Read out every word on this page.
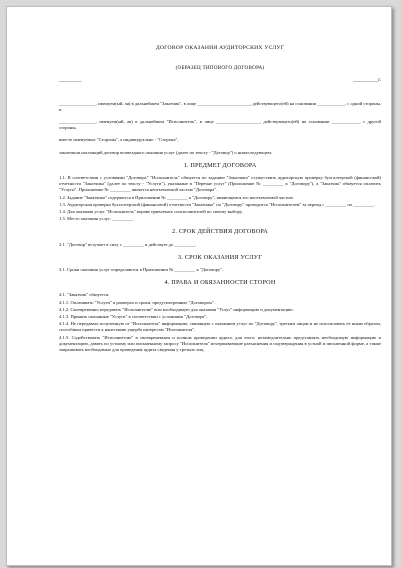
ДОГОВОР ОКАЗАНИЯ АУДИТОРСКИХ УСЛУГ

(ОБРАЗЕЦ ТИПОВОГО ДОГОВОРА)

_________	__________г.

________________, именуем(ый, ая) в дальнейшем "Заказчик", в лице _______________________, действующего(ей) на основании ____________, с одной стороны, и

________________, именуем(ый, ая) в дальнейшем "Исполнитель", в лице ___________________, действующего(ей) на основании ____________, с другой стороны,

вместе именуемые "Стороны", а индивидуально - "Сторона",

заключили настоящий договор возмездного оказания услуг (далее по тексту - "Договор") о нижеследующем:

1. ПРЕДМЕТ ДОГОВОРА

1.1. В соответствии с условиями "Договора" "Исполнитель" обязуется по заданию "Заказчика" осуществить аудиторскую проверку бухгалтерской (финансовой) отчетности "Заказчика" (далее по тексту - "Услуги"), указанные в "Перечне услуг" (Приложение № _________ к "Договору"), а "Заказчик" обязуется оплатить "Услуги". Приложение № _________ является неотъемлемой частью "Договора".

1.2. Задание "Заказчика" содержится в Приложении № _________ к "Договору", являющемся его неотъемлемой частью.

1.3. Аудиторская проверка бухгалтерской (финансовой) отчетности "Заказчика" по "Договору" проводится "Исполнителем" за период с _________ по _________.

1.4. Для оказания услуг "Исполнитель" вправе привлекать соисполнителей по своему выбору.

1.5. Место оказания услуг: _________.

2. СРОК ДЕЙСТВИЯ ДОГОВОРА

2.1. "Договор" вступает в силу с _________ и действует до _________.

3. СРОК ОКАЗАНИЯ УСЛУГ

3.1. Сроки оказания услуг определяются в Приложении № _________ к "Договору".

4. ПРАВА И ОБЯЗАННОСТИ СТОРОН

4.1. "Заказчик" обязуется:

4.1.1. Оплачивать "Услуги" в размерах и сроки, предусмотренные "Договором".

4.1.2. Своевременно передавать "Исполнителю" всю необходимую для оказания "Услуг" информацию и документацию.

4.1.3. Принять оказанные "Услуги" в соответствии с условиями "Договора".

4.1.4. Не передавать полученную от "Исполнителя" информацию, связанную с оказанием услуг по "Договору", третьим лицам и не использовать ее иным образом, способным привести к нанесению ущерба интересам "Исполнителя".

4.1.5. Содействовать "Исполнителю" в своевременном и полном проведении аудита, для этого: незамедлительно представлять необходимую информацию и документацию, давать по устному или письменному запросу "Исполнителя" исчерпывающие разъяснения и подтверждения в устной и письменной форме, а также запрашивать необходимые для проведения аудита сведения у третьих лиц.
